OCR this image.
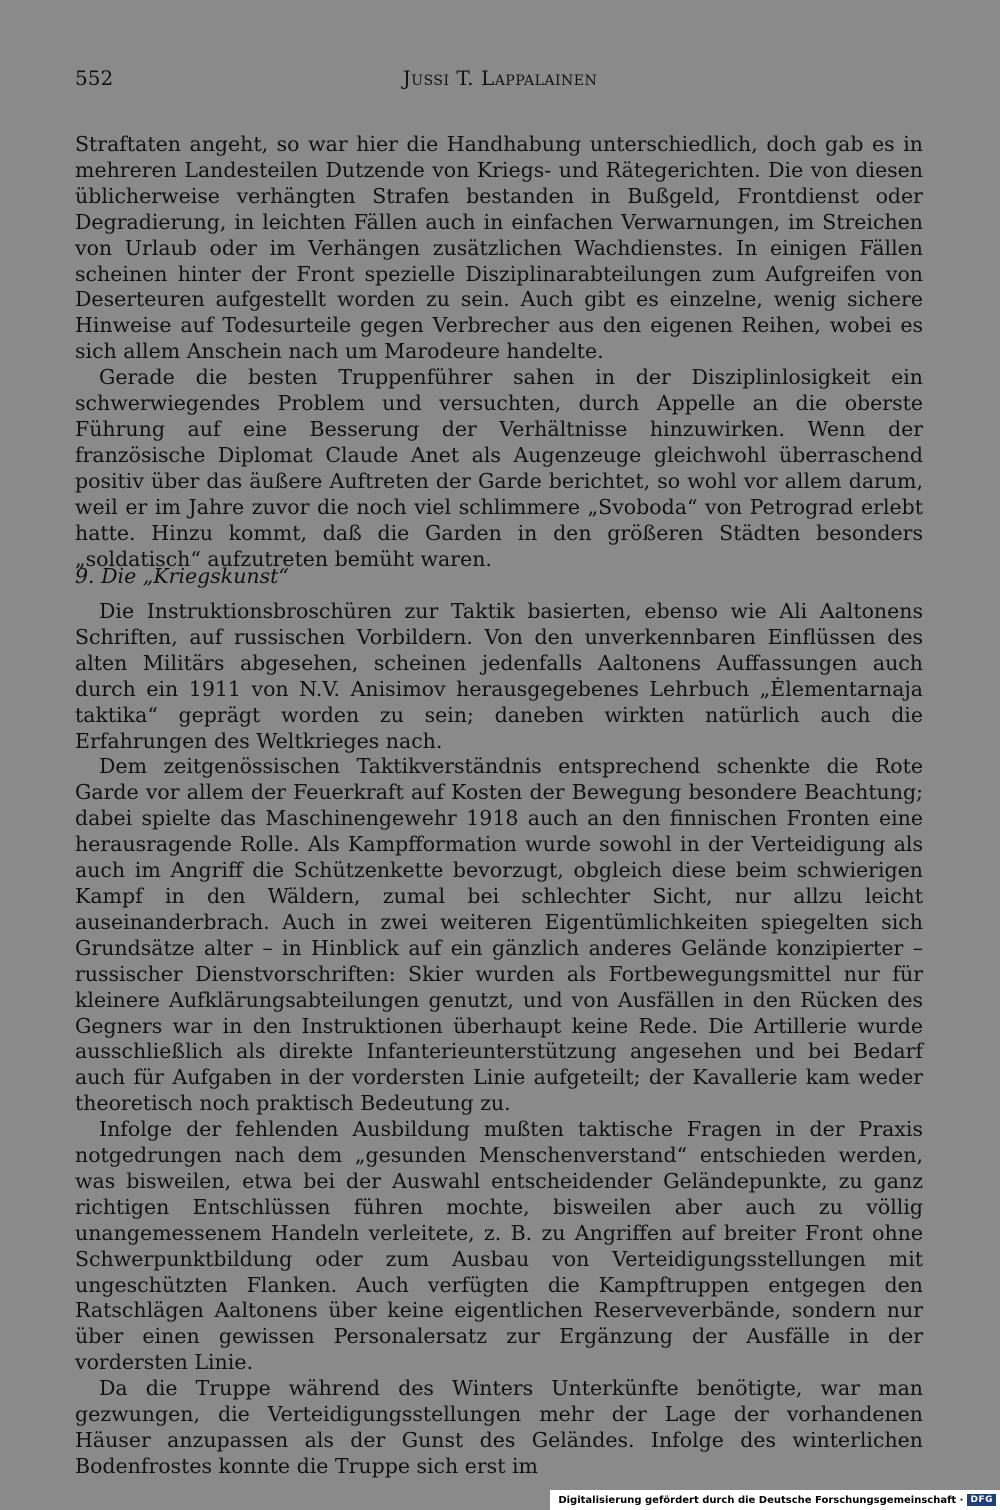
552	Jussi T. Lappalainen

Straftaten angeht, so war hier die Handhabung unterschiedlich, doch gab es in mehreren Landesteilen Dutzende von Kriegs- und Rätegerichten. Die von diesen üblicherweise verhängten Strafen bestanden in Bußgeld, Frontdienst oder Degradierung, in leichten Fällen auch in einfachen Verwarnungen, im Streichen von Urlaub oder im Verhängen zusätzlichen Wachdienstes. In einigen Fällen scheinen hinter der Front spezielle Disziplinarabteilungen zum Aufgreifen von Deserteuren aufgestellt worden zu sein. Auch gibt es einzelne, wenig sichere Hinweise auf Todesurteile gegen Verbrecher aus den eigenen Reihen, wobei es sich allem Anschein nach um Marodeure handelte.

Gerade die besten Truppenführer sahen in der Disziplinlosigkeit ein schwerwiegendes Problem und versuchten, durch Appelle an die oberste Führung auf eine Besserung der Verhältnisse hinzuwirken. Wenn der französische Diplomat Claude Anet als Augenzeuge gleichwohl überraschend positiv über das äußere Auftreten der Garde berichtet, so wohl vor allem darum, weil er im Jahre zuvor die noch viel schlimmere „Svoboda“ von Petrograd erlebt hatte. Hinzu kommt, daß die Garden in den größeren Städten besonders „soldatisch“ aufzutreten bemüht waren.

9. Die „Kriegskunst“

Die Instruktionsbroschüren zur Taktik basierten, ebenso wie Ali Aaltonens Schriften, auf russischen Vorbildern. Von den unverkennbaren Einflüssen des alten Militärs abgesehen, scheinen jedenfalls Aaltonens Auffassungen auch durch ein 1911 von N.V. Anisimov herausgegebenes Lehrbuch „Ėlementarnaja taktika“ geprägt worden zu sein; daneben wirkten natürlich auch die Erfahrungen des Weltkrieges nach.

Dem zeitgenössischen Taktikverständnis entsprechend schenkte die Rote Garde vor allem der Feuerkraft auf Kosten der Bewegung besondere Beachtung; dabei spielte das Maschinengewehr 1918 auch an den finnischen Fronten eine herausragende Rolle. Als Kampfformation wurde sowohl in der Verteidigung als auch im Angriff die Schützenkette bevorzugt, obgleich diese beim schwierigen Kampf in den Wäldern, zumal bei schlechter Sicht, nur allzu leicht auseinanderbrach. Auch in zwei weiteren Eigentümlichkeiten spiegelten sich Grundsätze alter – in Hinblick auf ein gänzlich anderes Gelände konzipierter – russischer Dienstvorschriften: Skier wurden als Fortbewegungsmittel nur für kleinere Aufklärungsabteilungen genutzt, und von Ausfällen in den Rücken des Gegners war in den Instruktionen überhaupt keine Rede. Die Artillerie wurde ausschließlich als direkte Infanterieunterstützung angesehen und bei Bedarf auch für Aufgaben in der vordersten Linie aufgeteilt; der Kavallerie kam weder theoretisch noch praktisch Bedeutung zu.

Infolge der fehlenden Ausbildung mußten taktische Fragen in der Praxis notgedrungen nach dem „gesunden Menschenverstand“ entschieden werden, was bisweilen, etwa bei der Auswahl entscheidender Geländepunkte, zu ganz richtigen Entschlüssen führen mochte, bisweilen aber auch zu völlig unangemessenem Handeln verleitete, z. B. zu Angriffen auf breiter Front ohne Schwerpunktbildung oder zum Ausbau von Verteidigungsstellungen mit ungeschützten Flanken. Auch verfügten die Kampftruppen entgegen den Ratschlägen Aaltonens über keine eigentlichen Reserveverbände, sondern nur über einen gewissen Personalersatz zur Ergänzung der Ausfälle in der vordersten Linie.

Da die Truppe während des Winters Unterkünfte benötigte, war man gezwungen, die Verteidigungsstellungen mehr der Lage der vorhandenen Häuser anzupassen als der Gunst des Geländes. Infolge des winterlichen Bodenfrostes konnte die Truppe sich erst im

Digitalisierung gefördert durch die Deutsche Forschungsgemeinschaft · DFG
